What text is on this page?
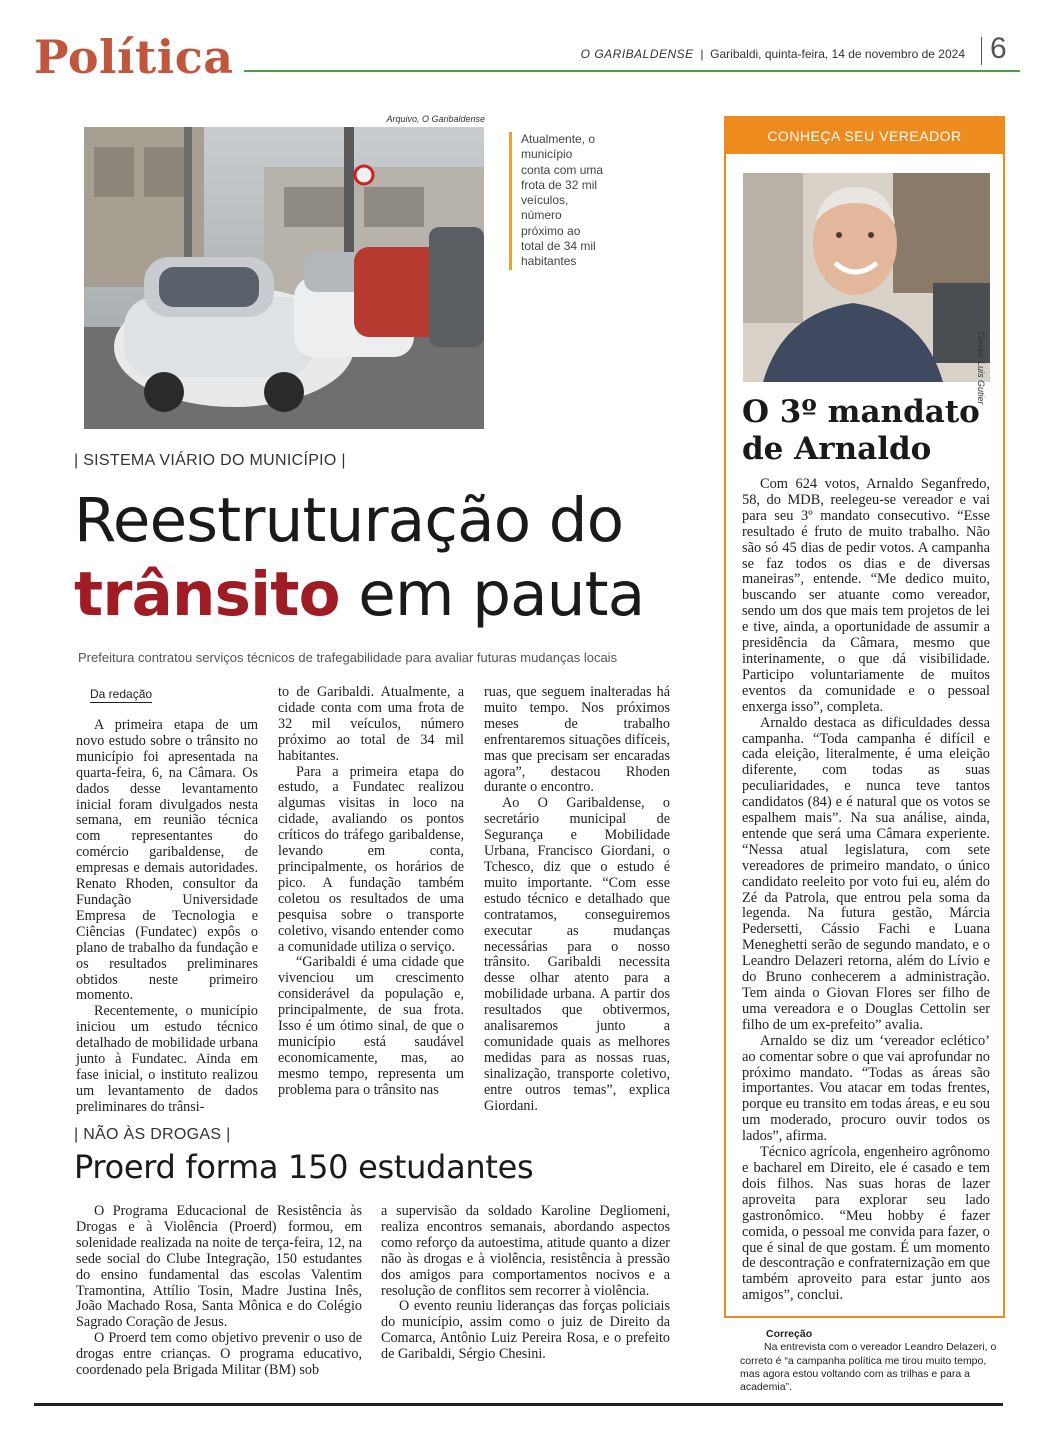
Política	O GARIBALDENSE | Garibaldi, quinta-feira, 14 de novembro de 2024 6
Arquivo, O Garibaldense
Atualmente, o município conta com uma frota de 32 mil veículos, número próximo ao total de 34 mil habitantes
| SISTEMA VIÁRIO DO MUNICÍPIO |
Reestruturação do
trânsito em pauta
Prefeitura contratou serviços técnicos de trafegabilidade para avaliar futuras mudanças locais
Da redação

A primeira etapa de um novo estudo sobre o trânsito no município foi apresentada na quarta-feira, 6, na Câmara. Os dados desse levantamento inicial foram divulgados nesta semana, em reunião técnica com representantes do comércio garibaldense, de empresas e demais autoridades. Renato Rhoden, consultor da Fundação Universidade Empresa de Tecnologia e Ciências (Fundatec) expôs o plano de trabalho da fundação e os resultados preliminares obtidos neste primeiro momento.

Recentemente, o município iniciou um estudo técnico detalhado de mobilidade urbana junto à Fundatec. Ainda em fase inicial, o instituto realizou um levantamento de dados preliminares do trânsi-

to de Garibaldi. Atualmente, a cidade conta com uma frota de 32 mil veículos, número próximo ao total de 34 mil habitantes.

Para a primeira etapa do estudo, a Fundatec realizou algumas visitas in loco na cidade, avaliando os pontos críticos do tráfego garibaldense, levando em conta, principalmente, os horários de pico. A fundação também coletou os resultados de uma pesquisa sobre o transporte coletivo, visando entender como a comunidade utiliza o serviço.

“Garibaldi é uma cidade que vivenciou um crescimento considerável da população e, principalmente, de sua frota. Isso é um ótimo sinal, de que o município está saudável economicamente, mas, ao mesmo tempo, representa um problema para o trânsito nas

ruas, que seguem inalteradas há muito tempo. Nos próximos meses de trabalho enfrentaremos situações difíceis, mas que precisam ser encaradas agora”, destacou Rhoden durante o encontro.

Ao O Garibaldense, o secretário municipal de Segurança e Mobilidade Urbana, Francisco Giordani, o Tchesco, diz que o estudo é muito importante. “Com esse estudo técnico e detalhado que contratamos, conseguiremos executar as mudanças necessárias para o nosso trânsito. Garibaldi necessita desse olhar atento para a mobilidade urbana. A partir dos resultados que obtivermos, analisaremos junto a comunidade quais as melhores medidas para as nossas ruas, sinalização, transporte coletivo, entre outros temas”, explica Giordani.

| NÃO ÀS DROGAS |
Proerd forma 150 estudantes

O Programa Educacional de Resistência às Drogas e à Violência (Proerd) formou, em solenidade realizada na noite de terça-feira, 12, na sede social do Clube Integração, 150 estudantes do ensino fundamental das escolas Valentim Tramontina, Attílio Tosin, Madre Justina Inês, João Machado Rosa, Santa Mônica e do Colégio Sagrado Coração de Jesus.

O Proerd tem como objetivo prevenir o uso de drogas entre crianças. O programa educativo, coordenado pela Brigada Militar (BM) sob

a supervisão da soldado Karoline Degliomeni, realiza encontros semanais, abordando aspectos como reforço da autoestima, atitude quanto a dizer não às drogas e à violência, resistência à pressão dos amigos para comportamentos nocivos e a resolução de conflitos sem recorrer à violência.

O evento reuniu lideranças das forças policiais do município, assim como o juiz de Direito da Comarca, Antônio Luiz Pereira Rosa, e o prefeito de Garibaldi, Sérgio Chesini.

CONHEÇA SEU VEREADOR
Gesler Luis Gutier
O 3º mandato
de Arnaldo

Com 624 votos, Arnaldo Seganfredo, 58, do MDB, reelegeu-se vereador e vai para seu 3º mandato consecutivo. “Esse resultado é fruto de muito trabalho. Não são só 45 dias de pedir votos. A campanha se faz todos os dias e de diversas maneiras”, entende. “Me dedico muito, buscando ser atuante como vereador, sendo um dos que mais tem projetos de lei e tive, ainda, a oportunidade de assumir a presidência da Câmara, mesmo que interinamente, o que dá visibilidade. Participo voluntariamente de muitos eventos da comunidade e o pessoal enxerga isso”, completa.

Arnaldo destaca as dificuldades dessa campanha. “Toda campanha é difícil e cada eleição, literalmente, é uma eleição diferente, com todas as suas peculiaridades, e nunca teve tantos candidatos (84) e é natural que os votos se espalhem mais”. Na sua análise, ainda, entende que será uma Câmara experiente. “Nessa atual legislatura, com sete vereadores de primeiro mandato, o único candidato reeleito por voto fui eu, além do Zé da Patrola, que entrou pela soma da legenda. Na futura gestão, Márcia Pedersetti, Cássio Fachi e Luana Meneghetti serão de segundo mandato, e o Leandro Delazeri retorna, além do Lívio e do Bruno conhecerem a administração. Tem ainda o Giovan Flores ser filho de uma vereadora e o Douglas Cettolin ser filho de um ex-prefeito” avalia.

Arnaldo se diz um ‘vereador eclético’ ao comentar sobre o que vai aprofundar no próximo mandato. “Todas as áreas são importantes. Vou atacar em todas frentes, porque eu transito em todas áreas, e eu sou um moderado, procuro ouvir todos os lados”, afirma.

Técnico agrícola, engenheiro agrônomo e bacharel em Direito, ele é casado e tem dois filhos. Nas suas horas de lazer aproveita para explorar seu lado gastronômico. “Meu hobby é fazer comida, o pessoal me convida para fazer, o que é sinal de que gostam. É um momento de descontração e confraternização em que também aproveito para estar junto aos amigos”, conclui.

Correção

Na entrevista com o vereador Leandro Delazeri, o correto é “a campanha política me tirou muito tempo, mas agora estou voltando com as trilhas e para a academia”.
